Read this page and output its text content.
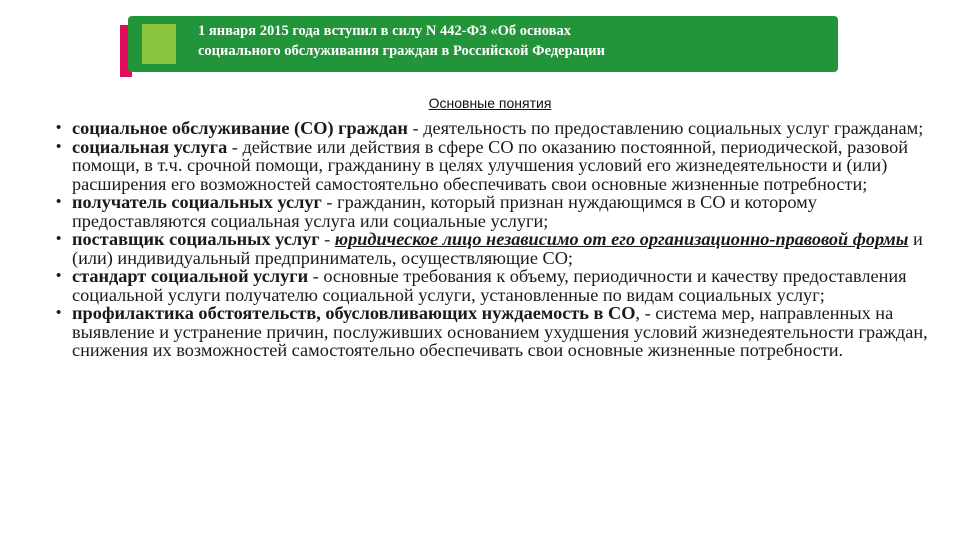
1 января 2015 года вступил в силу N 442-ФЗ «Об основах
социального обслуживания граждан в Российской Федерации
Основные понятия
• социальное обслуживание (СО) граждан - деятельность по предоставлению социальных услуг гражданам;
• социальная услуга - действие или действия в сфере СО по оказанию постоянной, периодической, разовой помощи, в т.ч. срочной помощи, гражданину в целях улучшения условий его жизнедеятельности и (или) расширения его возможностей самостоятельно обеспечивать свои основные жизненные потребности;
• получатель социальных услуг - гражданин, который признан нуждающимся в СО и которому предоставляются социальная услуга или социальные услуги;
• поставщик социальных услуг - юридическое лицо независимо от его организационно-правовой формы и (или) индивидуальный предприниматель, осуществляющие СО;
• стандарт социальной услуги - основные требования к объему, периодичности и качеству предоставления социальной услуги получателю социальной услуги, установленные по видам социальных услуг;
• профилактика обстоятельств, обусловливающих нуждаемость в СО, - система мер, направленных на выявление и устранение причин, послуживших основанием ухудшения условий жизнедеятельности граждан, снижения их возможностей самостоятельно обеспечивать свои основные жизненные потребности.
